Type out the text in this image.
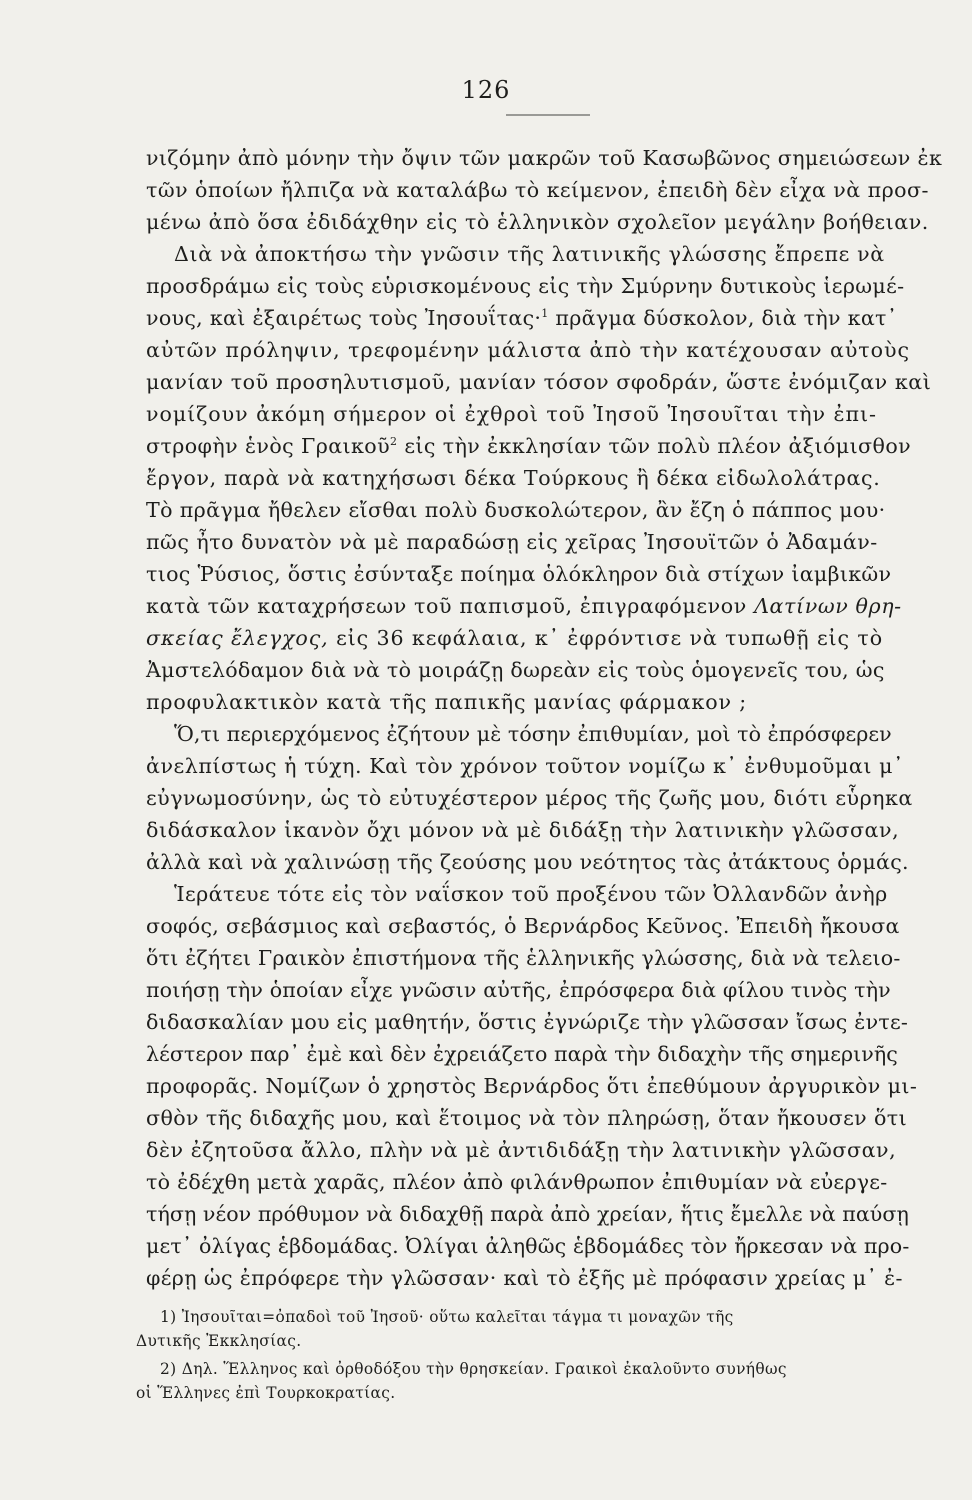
126
νιζόμην ἀπὸ μόνην τὴν ὄψιν τῶν μακρῶν τοῦ Κασωβῶνος σημειώσεων ἐκ
τῶν ὁποίων ἤλπιζα νὰ καταλάβω τὸ κείμενον, ἐπειδὴ δὲν εἶχα νὰ προσ-
μένω ἀπὸ ὅσα ἐδιδάχθην εἰς τὸ ἑλληνικὸν σχολεῖον μεγάλην βοήθειαν.
Διὰ νὰ ἀποκτήσω τὴν γνῶσιν τῆς λατινικῆς γλώσσης ἔπρεπε νὰ
προσδράμω εἰς τοὺς εὑρισκομένους εἰς τὴν Σμύρνην δυτικοὺς ἱερωμέ-
νους, καὶ ἐξαιρέτως τοὺς Ἰησουΐτας·$^1$ πρᾶγμα δύσκολον, διὰ τὴν κατ᾿
αὐτῶν πρόληψιν, τρεφομένην μάλιστα ἀπὸ τὴν κατέχουσαν αὐτοὺς
μανίαν τοῦ προσηλυτισμοῦ, μανίαν τόσον σφοδράν, ὥστε ἐνόμιζαν καὶ
νομίζουν ἀκόμη σήμερον οἱ ἐχθροὶ τοῦ Ἰησοῦ Ἰησουῖται τὴν ἐπι-
στροφὴν ἑνὸς Γραικοῦ$^2$ εἰς τὴν ἐκκλησίαν τῶν πολὺ πλέον ἀξιόμισθον
ἔργον, παρὰ νὰ κατηχήσωσι δέκα Τούρκους ἢ δέκα εἰδωλολάτρας.
Τὸ πρᾶγμα ἤθελεν εἴσθαι πολὺ δυσκολώτερον, ἂν ἔζη ὁ πάππος μου·
πῶς ἦτο δυνατὸν νὰ μὲ παραδώσῃ εἰς χεῖρας Ἰησουϊτῶν ὁ Ἀδαμάν-
τιος Ῥύσιος, ὅστις ἐσύνταξε ποίημα ὁλόκληρον διὰ στίχων ἰαμβικῶν
κατὰ τῶν καταχρήσεων τοῦ παπισμοῦ, ἐπιγραφόμενον Λατίνων θρη-
σκείας ἔλεγχος, εἰς 36 κεφάλαια, κ᾿ ἐφρόντισε νὰ τυπωθῇ εἰς τὸ
Ἀμστελόδαμον διὰ νὰ τὸ μοιράζῃ δωρεὰν εἰς τοὺς ὁμογενεῖς του, ὡς
προφυλακτικὸν κατὰ τῆς παπικῆς μανίας φάρμακον ;
Ὅ,τι περιερχόμενος ἐζήτουν μὲ τόσην ἐπιθυμίαν, μοὶ τὸ ἐπρόσφερεν
ἀνελπίστως ἡ τύχη. Καὶ τὸν χρόνον τοῦτον νομίζω κ᾿ ἐνθυμοῦμαι μ᾿
εὐγνωμοσύνην, ὡς τὸ εὐτυχέστερον μέρος τῆς ζωῆς μου, διότι εὗρηκα
διδάσκαλον ἱκανὸν ὄχι μόνον νὰ μὲ διδάξῃ τὴν λατινικὴν γλῶσσαν,
ἀλλὰ καὶ νὰ χαλινώσῃ τῆς ζεούσης μου νεότητος τὰς ἀτάκτους ὁρμάς.
Ἱεράτευε τότε εἰς τὸν ναΐσκον τοῦ προξένου τῶν Ὀλλανδῶν ἀνὴρ
σοφός, σεβάσμιος καὶ σεβαστός, ὁ Βερνάρδος Κεῦνος. Ἐπειδὴ ἤκουσα
ὅτι ἐζήτει Γραικὸν ἐπιστήμονα τῆς ἑλληνικῆς γλώσσης, διὰ νὰ τελειο-
ποιήσῃ τὴν ὁποίαν εἶχε γνῶσιν αὐτῆς, ἐπρόσφερα διὰ φίλου τινὸς τὴν
διδασκαλίαν μου εἰς μαθητήν, ὅστις ἐγνώριζε τὴν γλῶσσαν ἴσως ἐντε-
λέστερον παρ᾿ ἐμὲ καὶ δὲν ἐχρειάζετο παρὰ τὴν διδαχὴν τῆς σημερινῆς
προφορᾶς. Νομίζων ὁ χρηστὸς Βερνάρδος ὅτι ἐπεθύμουν ἀργυρικὸν μι-
σθὸν τῆς διδαχῆς μου, καὶ ἕτοιμος νὰ τὸν πληρώσῃ, ὅταν ἤκουσεν ὅτι
δὲν ἐζητοῦσα ἄλλο, πλὴν νὰ μὲ ἀντιδιδάξῃ τὴν λατινικὴν γλῶσσαν,
τὸ ἐδέχθη μετὰ χαρᾶς, πλέον ἀπὸ φιλάνθρωπον ἐπιθυμίαν νὰ εὐεργε-
τήσῃ νέον πρόθυμον νὰ διδαχθῇ παρὰ ἀπὸ χρείαν, ἥτις ἔμελλε νὰ παύσῃ
μετ᾿ ὀλίγας ἑβδομάδας. Ὀλίγαι ἀληθῶς ἑβδομάδες τὸν ἤρκεσαν νὰ προ-
φέρῃ ὡς ἐπρόφερε τὴν γλῶσσαν· καὶ τὸ ἐξῆς μὲ πρόφασιν χρείας μ᾿ ἐ-
1) Ἰησουῖται=ὀπαδοὶ τοῦ Ἰησοῦ· οὕτω καλεῖται τάγμα τι μοναχῶν τῆς
Δυτικῆς Ἐκκλησίας.
2) Δηλ. Ἕλληνος καὶ ὀρθοδόξου τὴν θρησκείαν. Γραικοὶ ἐκαλοῦντο συνήθως
οἱ Ἕλληνες ἐπὶ Τουρκοκρατίας.
